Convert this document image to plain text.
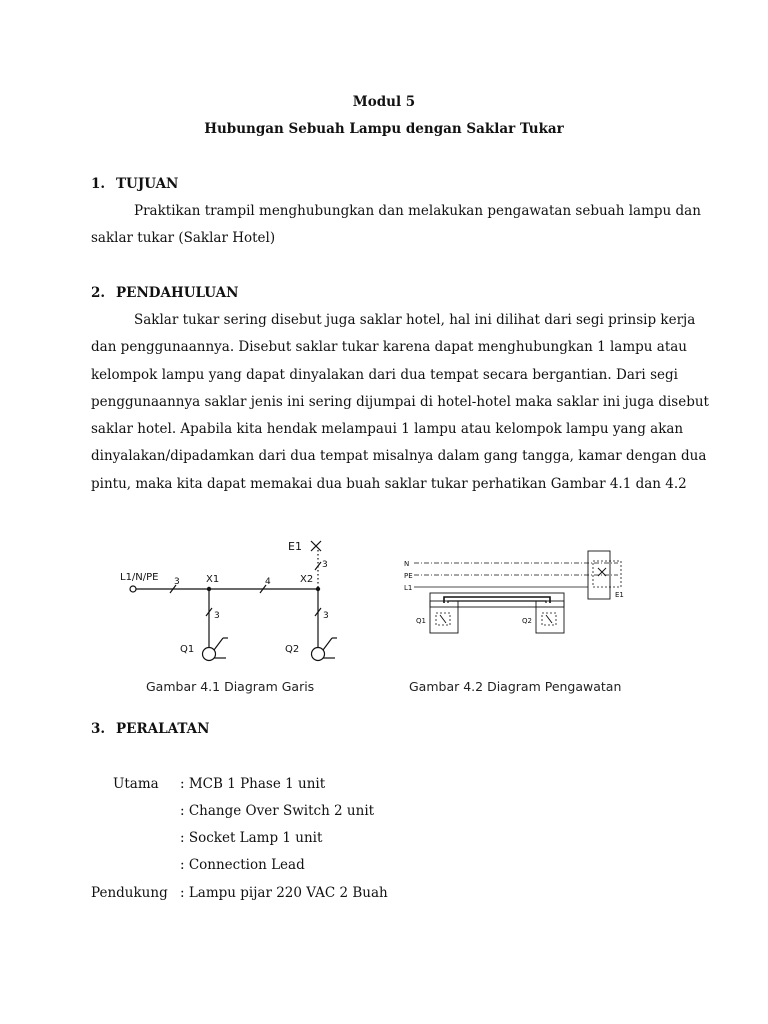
Modul 5
Hubungan Sebuah Lampu dengan Saklar Tukar
1. TUJUAN
Praktikan trampil menghubungkan dan melakukan pengawatan sebuah lampu dan
saklar tukar (Saklar Hotel)
2. PENDAHULUAN
Saklar tukar sering disebut juga saklar hotel, hal ini dilihat dari segi prinsip kerja
dan penggunaannya. Disebut saklar tukar karena dapat menghubungkan 1 lampu atau
kelompok lampu yang dapat dinyalakan dari dua tempat secara bergantian. Dari segi
penggunaannya saklar jenis ini sering dijumpai di hotel-hotel maka saklar ini juga disebut
saklar hotel. Apabila kita hendak melampaui 1 lampu atau kelompok lampu yang akan
dinyalakan/dipadamkan dari dua tempat misalnya dalam gang tangga, kamar dengan dua
pintu, maka kita dapat memakai dua buah saklar tukar perhatikan Gambar 4.1 dan 4.2
L1/N/PE 3	X1	4	X2
E1
3
3	3
Q1	Q2
Gambar 4.1 Diagram Garis
N
PE
L1
E1
Q1	Q2
Gambar 4.2 Diagram Pengawatan
3. PERALATAN
Utama : MCB 1 Phase 1 unit
: Change Over Switch 2 unit
: Socket Lamp 1 unit
: Connection Lead
Pendukung : Lampu pijar 220 VAC 2 Buah
